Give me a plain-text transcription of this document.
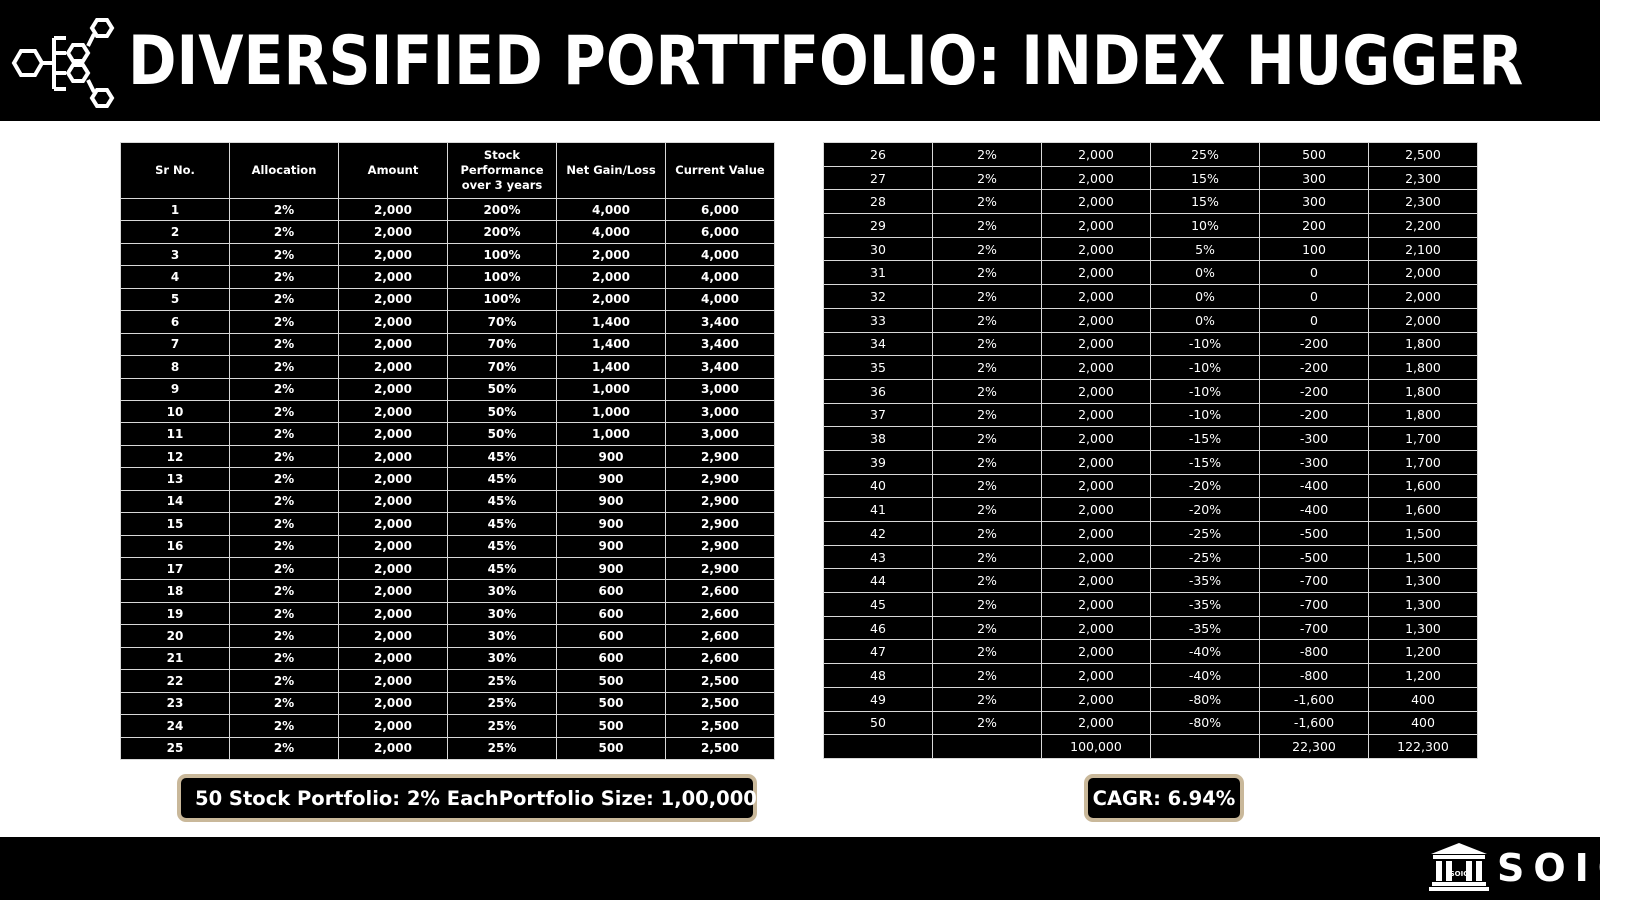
DIVERSIFIED PORTTFOLIO: INDEX HUGGER
Sr No.	Allocation	Amount	Stock Performance over 3 years	Net Gain/Loss	Current Value
1	2%	2,000	200%	4,000	6,000
2	2%	2,000	200%	4,000	6,000
3	2%	2,000	100%	2,000	4,000
4	2%	2,000	100%	2,000	4,000
5	2%	2,000	100%	2,000	4,000
6	2%	2,000	70%	1,400	3,400
7	2%	2,000	70%	1,400	3,400
8	2%	2,000	70%	1,400	3,400
9	2%	2,000	50%	1,000	3,000
10	2%	2,000	50%	1,000	3,000
11	2%	2,000	50%	1,000	3,000
12	2%	2,000	45%	900	2,900
13	2%	2,000	45%	900	2,900
14	2%	2,000	45%	900	2,900
15	2%	2,000	45%	900	2,900
16	2%	2,000	45%	900	2,900
17	2%	2,000	45%	900	2,900
18	2%	2,000	30%	600	2,600
19	2%	2,000	30%	600	2,600
20	2%	2,000	30%	600	2,600
21	2%	2,000	30%	600	2,600
22	2%	2,000	25%	500	2,500
23	2%	2,000	25%	500	2,500
24	2%	2,000	25%	500	2,500
25	2%	2,000	25%	500	2,500
26	2%	2,000	25%	500	2,500
27	2%	2,000	15%	300	2,300
28	2%	2,000	15%	300	2,300
29	2%	2,000	10%	200	2,200
30	2%	2,000	5%	100	2,100
31	2%	2,000	0%	0	2,000
32	2%	2,000	0%	0	2,000
33	2%	2,000	0%	0	2,000
34	2%	2,000	-10%	-200	1,800
35	2%	2,000	-10%	-200	1,800
36	2%	2,000	-10%	-200	1,800
37	2%	2,000	-10%	-200	1,800
38	2%	2,000	-15%	-300	1,700
39	2%	2,000	-15%	-300	1,700
40	2%	2,000	-20%	-400	1,600
41	2%	2,000	-20%	-400	1,600
42	2%	2,000	-25%	-500	1,500
43	2%	2,000	-25%	-500	1,500
44	2%	2,000	-35%	-700	1,300
45	2%	2,000	-35%	-700	1,300
46	2%	2,000	-35%	-700	1,300
47	2%	2,000	-40%	-800	1,200
48	2%	2,000	-40%	-800	1,200
49	2%	2,000	-80%	-1,600	400
50	2%	2,000	-80%	-1,600	400
		100,000		22,300	122,300
50 Stock Portfolio: 2% Each Portfolio Size: 1,00,000	CAGR: 6.94%
SOIC SOIC
